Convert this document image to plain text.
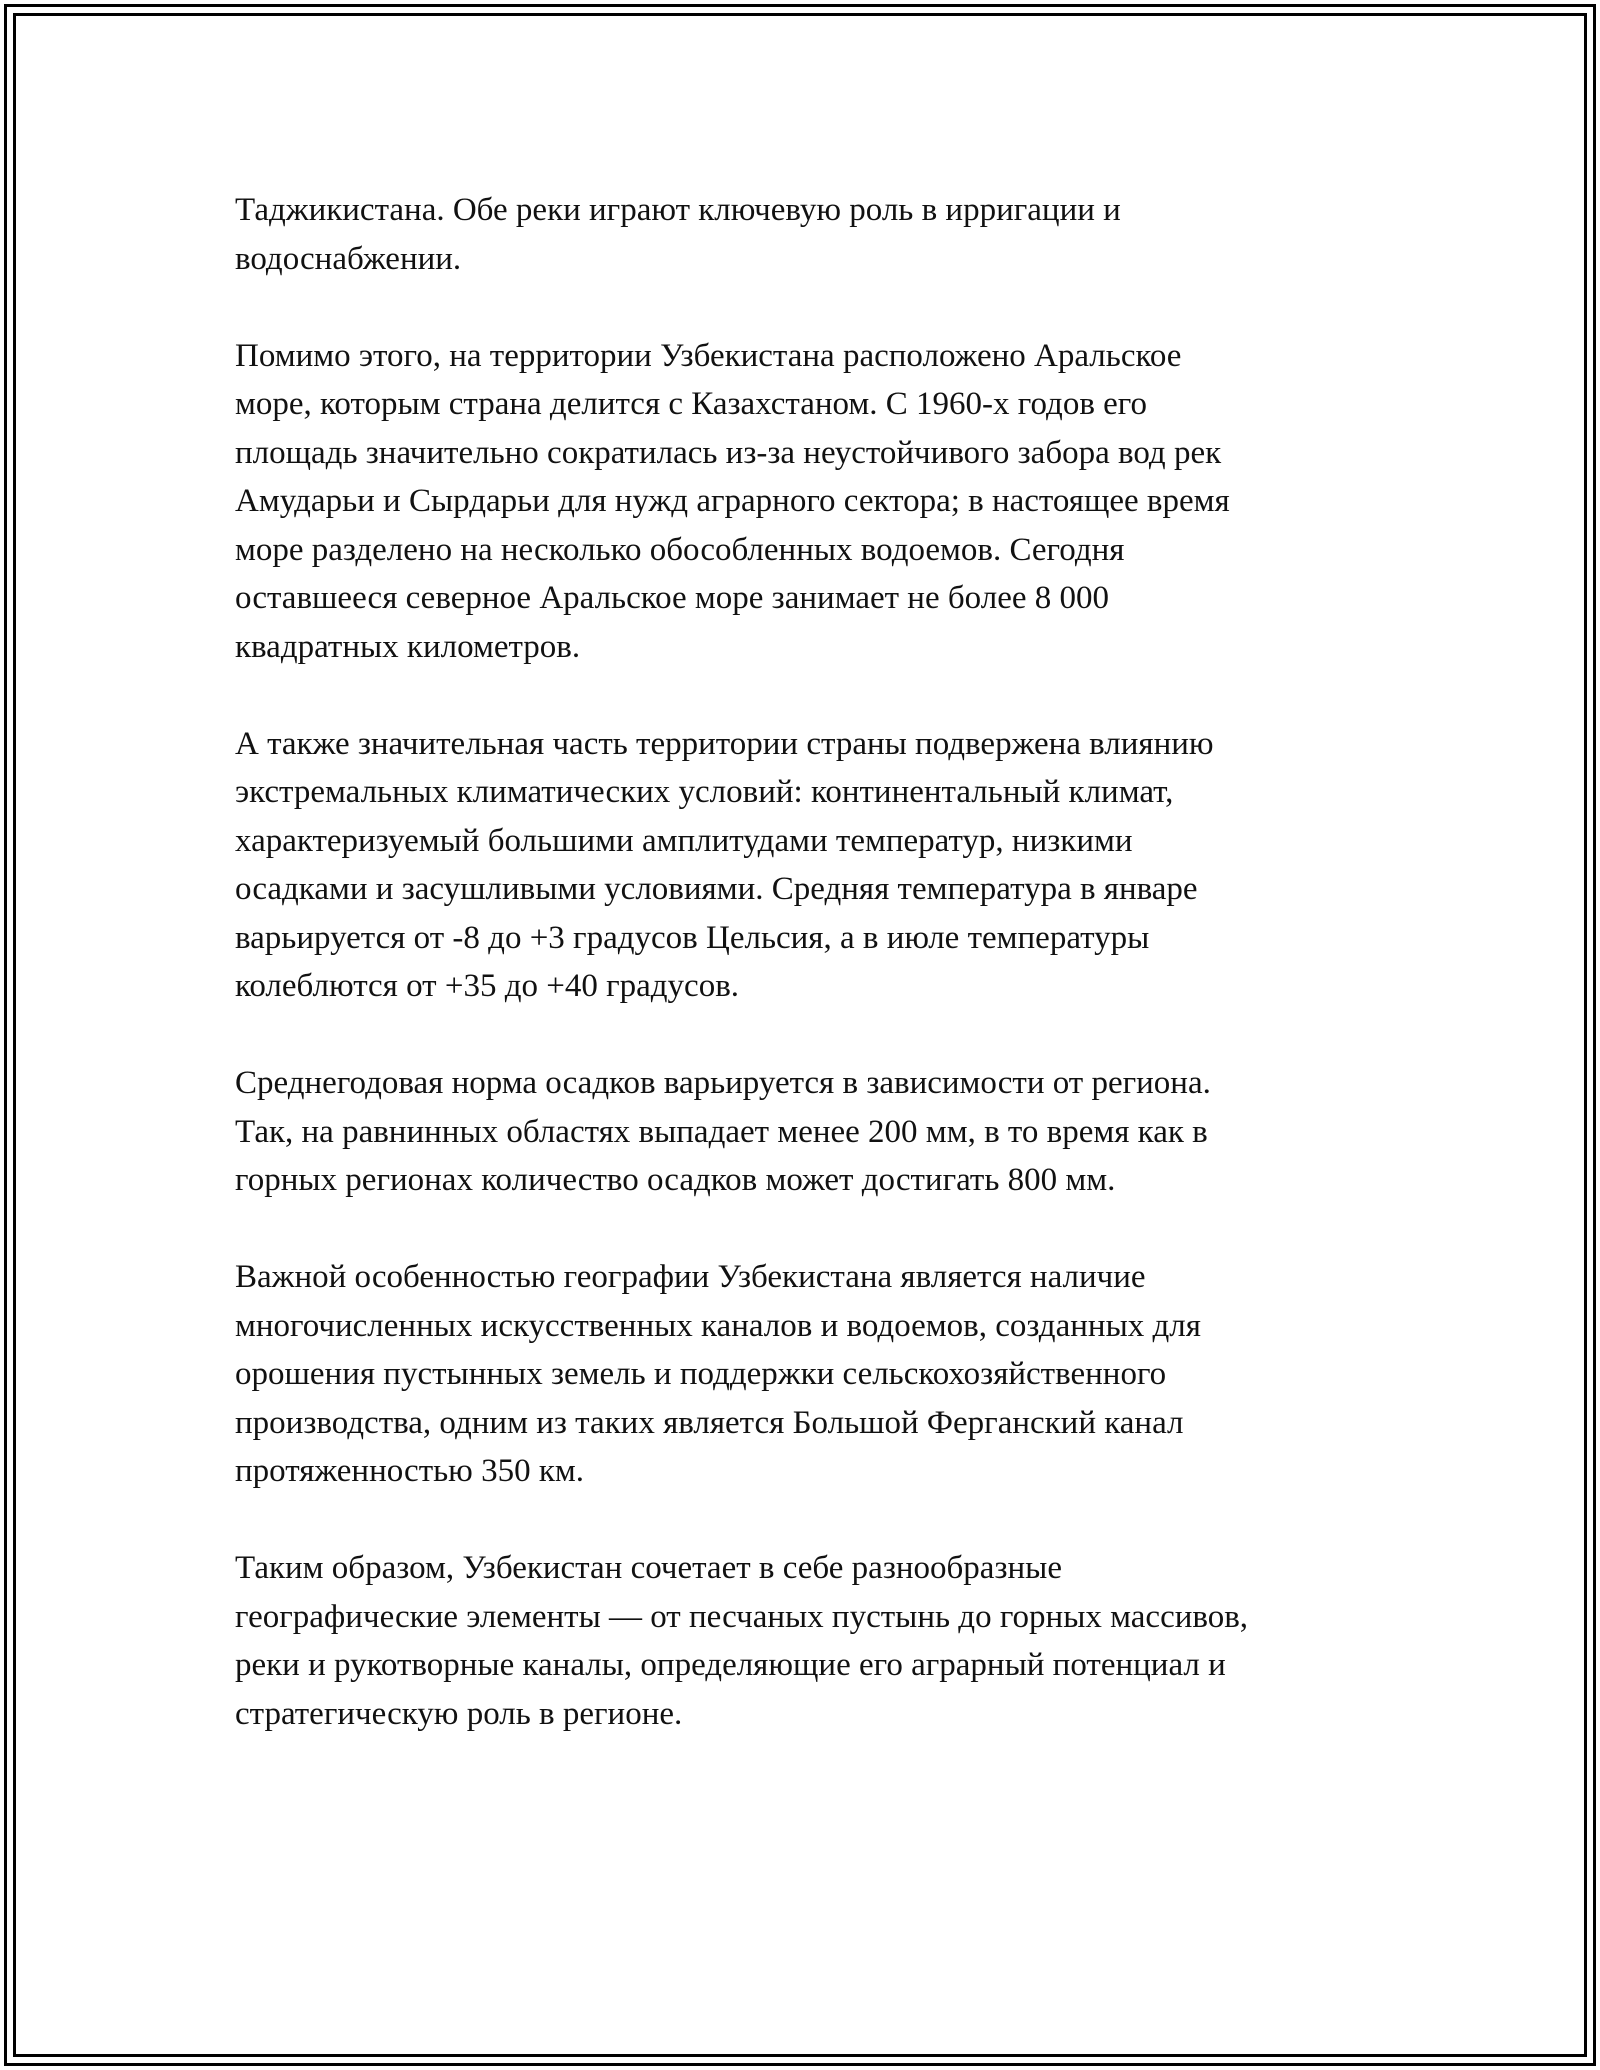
Таджикистана. Обе реки играют ключевую роль в ирригации и
водоснабжении.

Помимо этого, на территории Узбекистана расположено Аральское
море, которым страна делится с Казахстаном. С 1960-х годов его
площадь значительно сократилась из-за неустойчивого забора вод рек
Амударьи и Сырдарьи для нужд аграрного сектора; в настоящее время
море разделено на несколько обособленных водоемов. Сегодня
оставшееся северное Аральское море занимает не более 8 000
квадратных километров.

А также значительная часть территории страны подвержена влиянию
экстремальных климатических условий: континентальный климат,
характеризуемый большими амплитудами температур, низкими
осадками и засушливыми условиями. Средняя температура в январе
варьируется от -8 до +3 градусов Цельсия, а в июле температуры
колеблются от +35 до +40 градусов.

Среднегодовая норма осадков варьируется в зависимости от региона.
Так, на равнинных областях выпадает менее 200 мм, в то время как в
горных регионах количество осадков может достигать 800 мм.

Важной особенностью географии Узбекистана является наличие
многочисленных искусственных каналов и водоемов, созданных для
орошения пустынных земель и поддержки сельскохозяйственного
производства, одним из таких является Большой Ферганский канал
протяженностью 350 км.

Таким образом, Узбекистан сочетает в себе разнообразные
географические элементы — от песчаных пустынь до горных массивов,
реки и рукотворные каналы, определяющие его аграрный потенциал и
стратегическую роль в регионе.
